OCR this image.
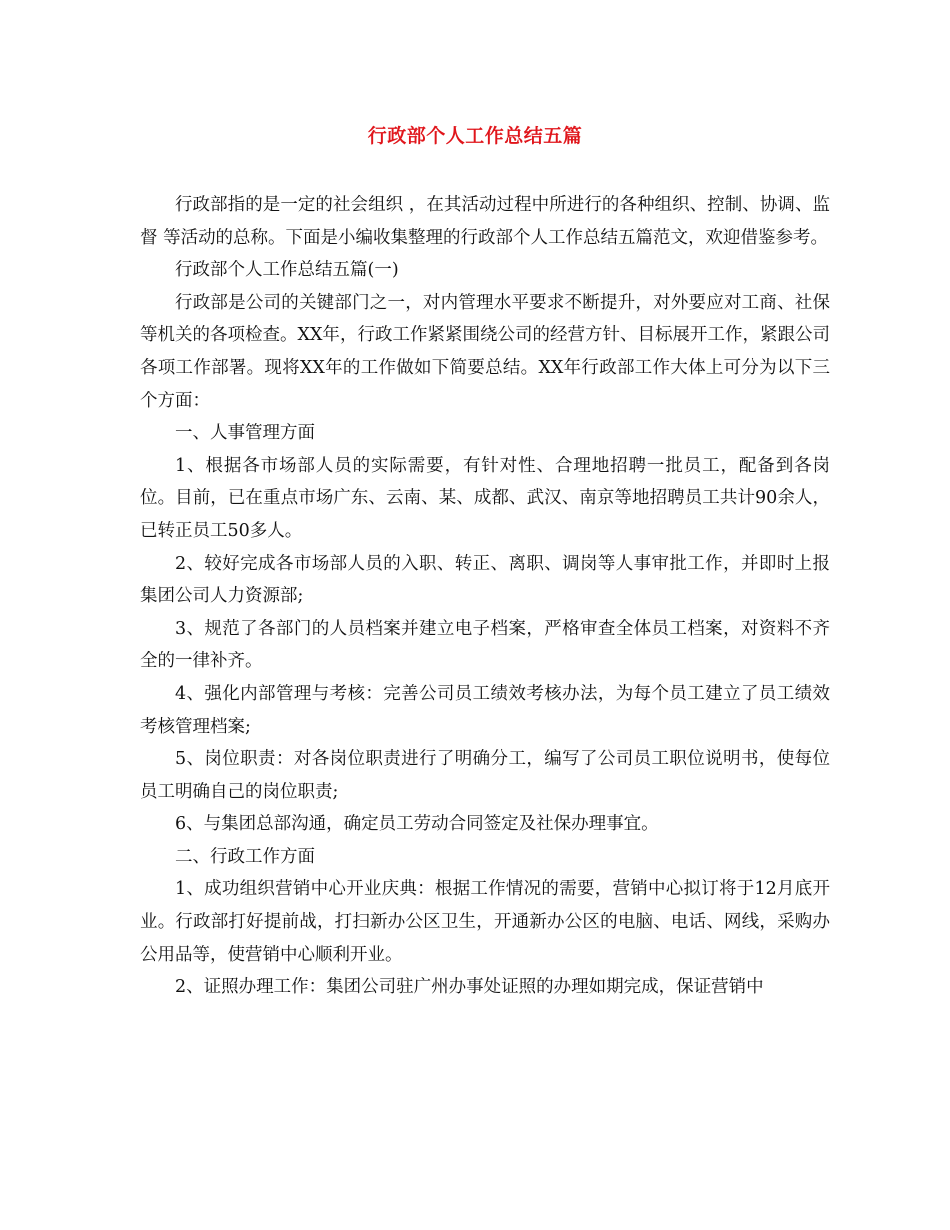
行政部个人工作总结五篇

行政部指的是一定的社会组织 ，在其活动过程中所进行的各种组织、控制、协调、监督 等活动的总称。下面是小编收集整理的行政部个人工作总结五篇范文，欢迎借鉴参考。

行政部个人工作总结五篇(一)

行政部是公司的关键部门之一，对内管理水平要求不断提升，对外要应对工商、社保等机关的各项检查。XX年，行政工作紧紧围绕公司的经营方针、目标展开工作，紧跟公司各项工作部署。现将XX年的工作做如下简要总结。XX年行政部工作大体上可分为以下三个方面：

一、人事管理方面

1、根据各市场部人员的实际需要，有针对性、合理地招聘一批员工，配备到各岗位。目前，已在重点市场广东、云南、某、成都、武汉、南京等地招聘员工共计90余人，已转正员工50多人。

2、较好完成各市场部人员的入职、转正、离职、调岗等人事审批工作，并即时上报集团公司人力资源部;

3、规范了各部门的人员档案并建立电子档案，严格审查全体员工档案，对资料不齐全的一律补齐。

4、强化内部管理与考核：完善公司员工绩效考核办法，为每个员工建立了员工绩效考核管理档案;

5、岗位职责：对各岗位职责进行了明确分工，编写了公司员工职位说明书，使每位员工明确自己的岗位职责;

6、与集团总部沟通，确定员工劳动合同签定及社保办理事宜。

二、行政工作方面

1、成功组织营销中心开业庆典：根据工作情况的需要，营销中心拟订将于12月底开业。行政部打好提前战，打扫新办公区卫生，开通新办公区的电脑、电话、网线，采购办公用品等，使营销中心顺利开业。

2、证照办理工作：集团公司驻广州办事处证照的办理如期完成，保证营销中
